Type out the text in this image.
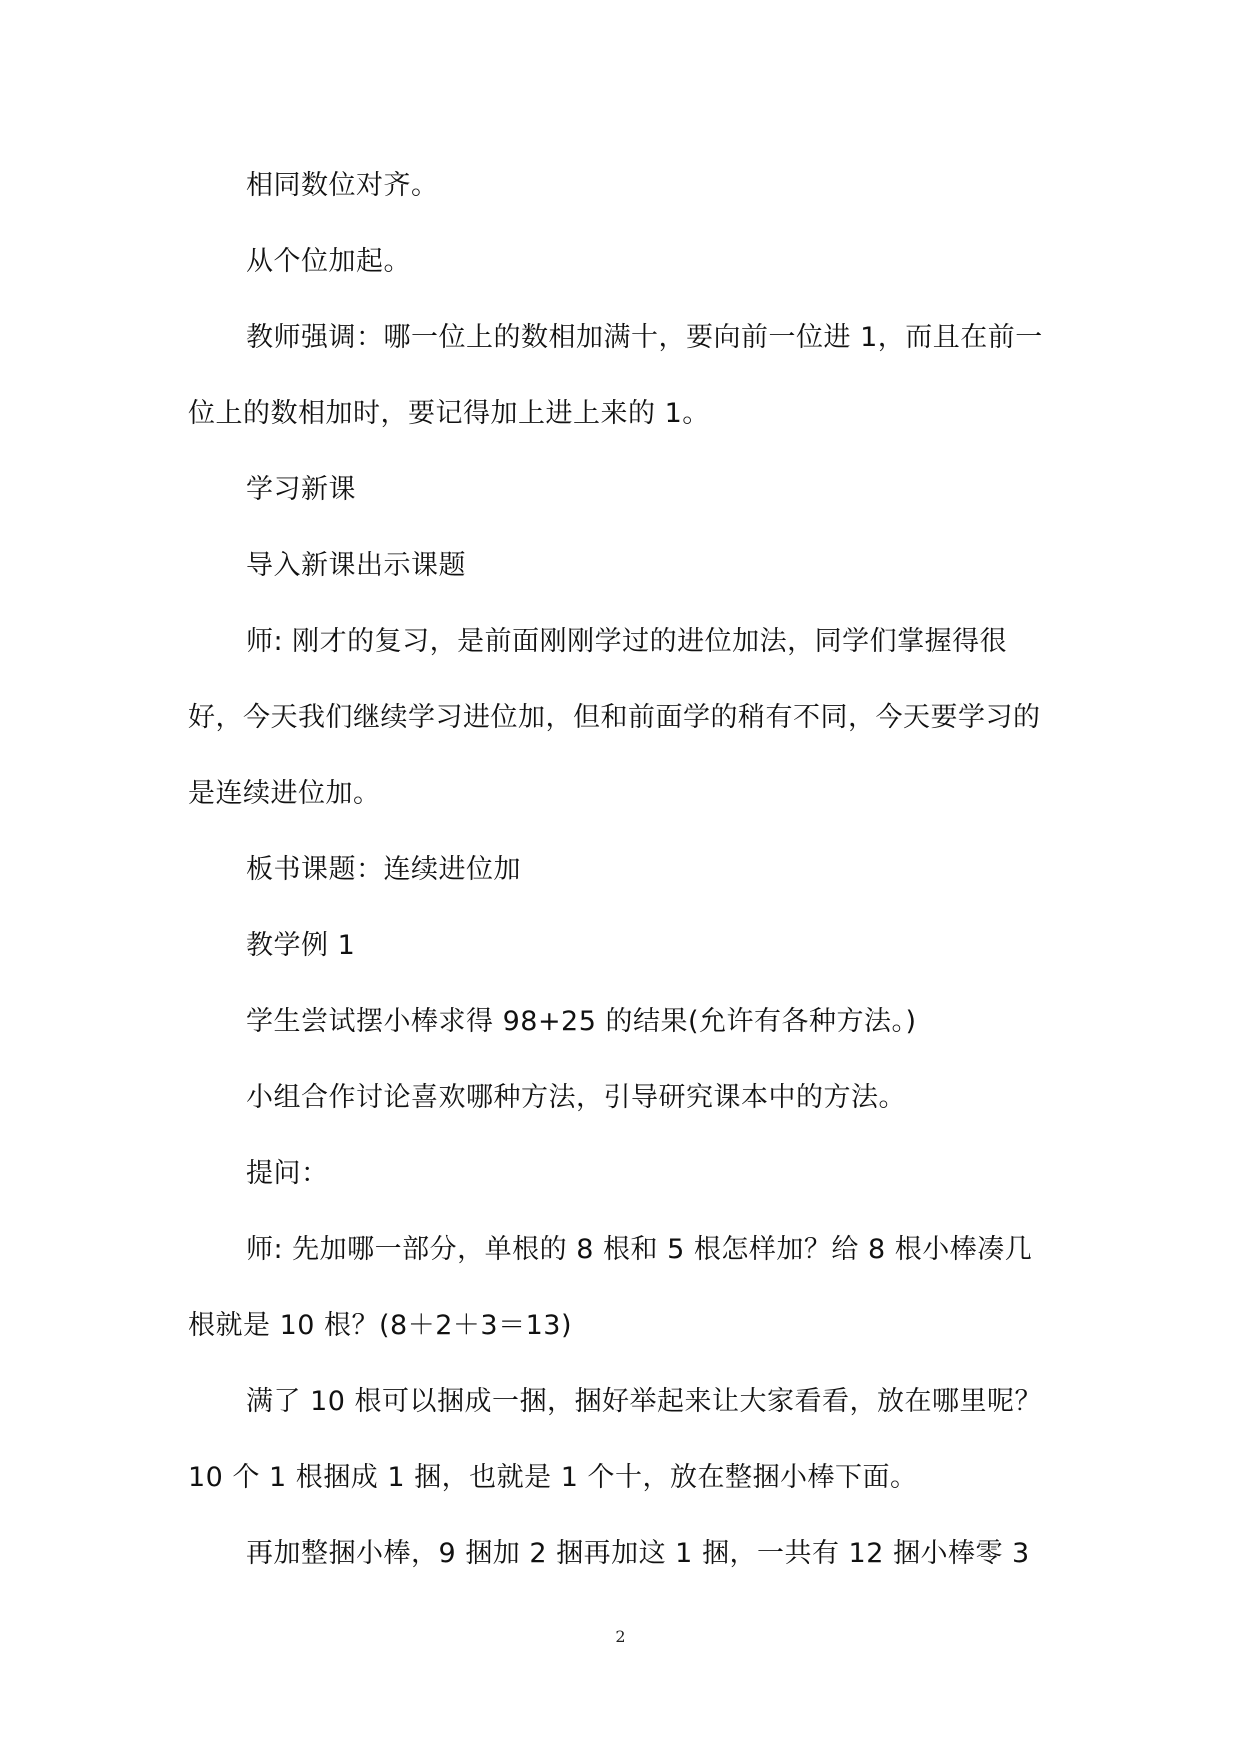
相同数位对齐。

从个位加起。

教师强调：哪一位上的数相加满十，要向前一位进 1，而且在前一位上的数相加时，要记得加上进上来的 1。

学习新课

导入新课出示课题

师: 刚才的复习，是前面刚刚学过的进位加法，同学们掌握得很好，今天我们继续学习进位加，但和前面学的稍有不同，今天要学习的是连续进位加。

板书课题：连续进位加

教学例 1

学生尝试摆小棒求得 98+25 的结果(允许有各种方法。)

小组合作讨论喜欢哪种方法，引导研究课本中的方法。

提问：

师: 先加哪一部分，单根的 8 根和 5 根怎样加？给 8 根小棒凑几根就是 10 根？(8＋2＋3＝13)

满了 10 根可以捆成一捆，捆好举起来让大家看看，放在哪里呢？10 个 1 根捆成 1 捆，也就是 1 个十，放在整捆小棒下面。

再加整捆小棒，9 捆加 2 捆再加这 1 捆，一共有 12 捆小棒零 3

2
